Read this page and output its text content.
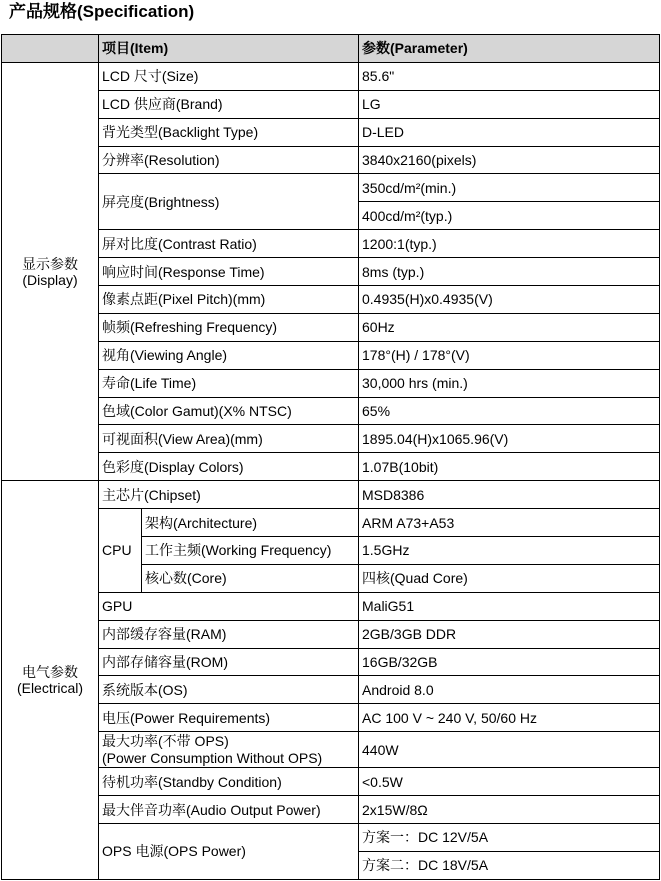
产品规格(Specification)
	项目(Item)		参数(Parameter)

显示参数
(Display)	LCD 尺寸(Size)		85.6"
	LCD 供应商(Brand)		LG
	背光类型(Backlight Type)		D-LED
	分辨率(Resolution)		3840x2160(pixels)
	屏亮度(Brightness)		350cd/m²(min.)
			400cd/m²(typ.)
	屏对比度(Contrast Ratio)		1200:1(typ.)
	响应时间(Response Time)		8ms (typ.)
	像素点距(Pixel Pitch)(mm)		0.4935(H)x0.4935(V)
	帧频(Refreshing Frequency)		60Hz
	视角(Viewing Angle)		178°(H) / 178°(V)
	寿命(Life Time)		30,000 hrs (min.)
	色域(Color Gamut)(X% NTSC)		65%
	可视面积(View Area)(mm)		1895.04(H)x1065.96(V)
	色彩度(Display Colors)		1.07B(10bit)

电气参数
(Electrical)	主芯片(Chipset)		MSD8386
	CPU	架构(Architecture)	ARM A73+A53
		工作主频(Working Frequency)	1.5GHz
		核心数(Core)	四核(Quad Core)
	GPU		MaliG51
	内部缓存容量(RAM)		2GB/3GB DDR
	内部存储容量(ROM)		16GB/32GB
	系统版本(OS)		Android 8.0
	电压(Power Requirements)		AC 100 V ~ 240 V, 50/60 Hz

	最大功率(不带 OPS)
(Power Consumption Without OPS)		440W
	待机功率(Standby Condition)		<0.5W
	最大伴音功率(Audio Output Power)		2x15W/8Ω
	OPS 电源(OPS Power)		方案一：DC 12V/5A
			方案二：DC 18V/5A
